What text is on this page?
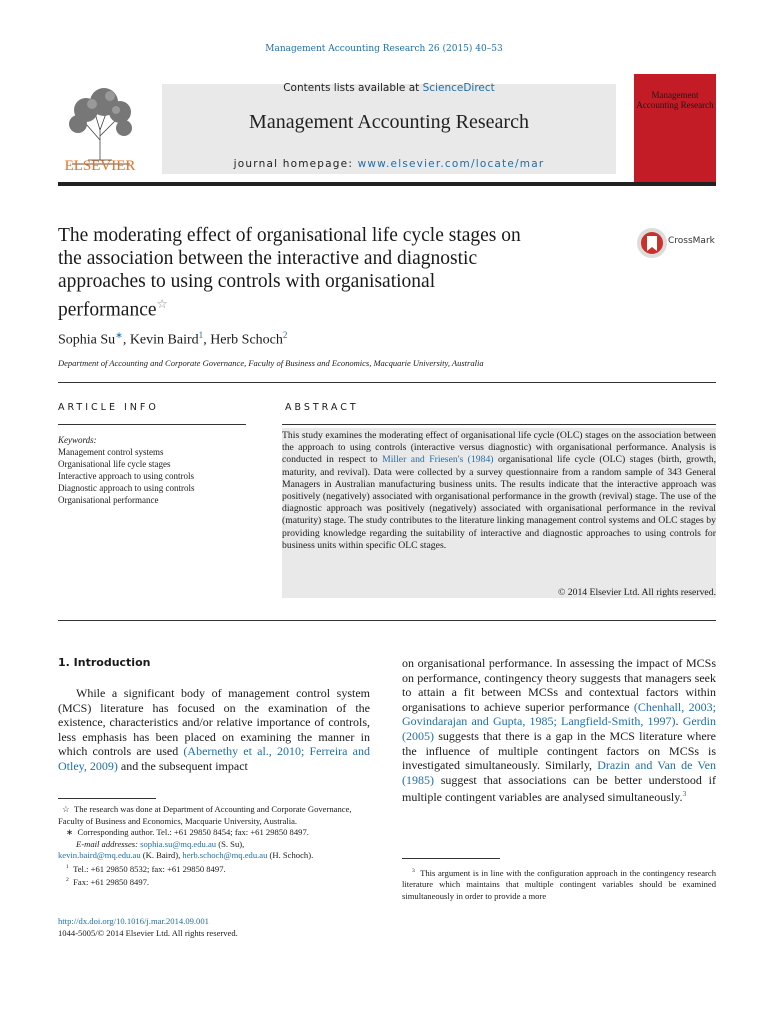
Management Accounting Research 26 (2015) 40–53
ELSEVIER
Contents lists available at ScienceDirect
Management Accounting Research
journal homepage: www.elsevier.com/locate/mar
Management Accounting Research
The moderating effect of organisational life cycle stages on
the association between the interactive and diagnostic
approaches to using controls with organisational
performance☆
CrossMark
Sophia Su∗, Kevin Baird$^1$, Herb Schoch$^2$
Department of Accounting and Corporate Governance, Faculty of Business and Economics, Macquarie University, Australia
ARTICLE INFO	ABSTRACT
Keywords:
Management control systems
Organisational life cycle stages
Interactive approach to using controls
Diagnostic approach to using controls
Organisational performance
This study examines the moderating effect of organisational life cycle (OLC) stages on the association between the approach to using controls (interactive versus diagnostic) with organisational performance. Analysis is conducted in respect to Miller and Friesen's (1984) organisational life cycle (OLC) stages (birth, growth, maturity, and revival). Data were collected by a survey questionnaire from a random sample of 343 General Managers in Australian manufacturing business units. The results indicate that the interactive approach was positively (negatively) associated with organisational performance in the growth (revival) stage. The use of the diagnostic approach was positively (negatively) associated with organisational performance in the revival (maturity) stage. The study contributes to the literature linking management control systems and OLC stages by providing knowledge regarding the suitability of interactive and diagnostic approaches to using controls for business units within specific OLC stages.
© 2014 Elsevier Ltd. All rights reserved.
1. Introduction
While a significant body of management control system (MCS) literature has focused on the examination of the existence, characteristics and/or relative importance of controls, less emphasis has been placed on examining the manner in which controls are used (Abernethy et al., 2010; Ferreira and Otley, 2009) and the subsequent impact
on organisational performance. In assessing the impact of MCSs on performance, contingency theory suggests that managers seek to attain a fit between MCSs and contextual factors within organisations to achieve superior performance (Chenhall, 2003; Govindarajan and Gupta, 1985; Langfield-Smith, 1997). Gerdin (2005) suggests that there is a gap in the MCS literature where the influence of multiple contingent factors on MCSs is investigated simultaneously. Similarly, Drazin and Van de Ven (1985) suggest that associations can be better understood if multiple contingent variables are analysed simultaneously.$^3$
☆ The research was done at Department of Accounting and Corporate Governance, Faculty of Business and Economics, Macquarie University, Australia.
∗  Corresponding author. Tel.: +61 29850 8454; fax: +61 29850 8497.
E-mail addresses: sophia.su@mq.edu.au (S. Su),
kevin.baird@mq.edu.au (K. Baird), herb.schoch@mq.edu.au (H. Schoch).
$^1$ Tel.: +61 29850 8532; fax: +61 29850 8497.
$^2$ Fax: +61 29850 8497.
$^3$ This argument is in line with the configuration approach in the contingency research literature which maintains that multiple contingent variables should be examined simultaneously in order to provide a more
http://dx.doi.org/10.1016/j.mar.2014.09.001
1044-5005/© 2014 Elsevier Ltd. All rights reserved.
